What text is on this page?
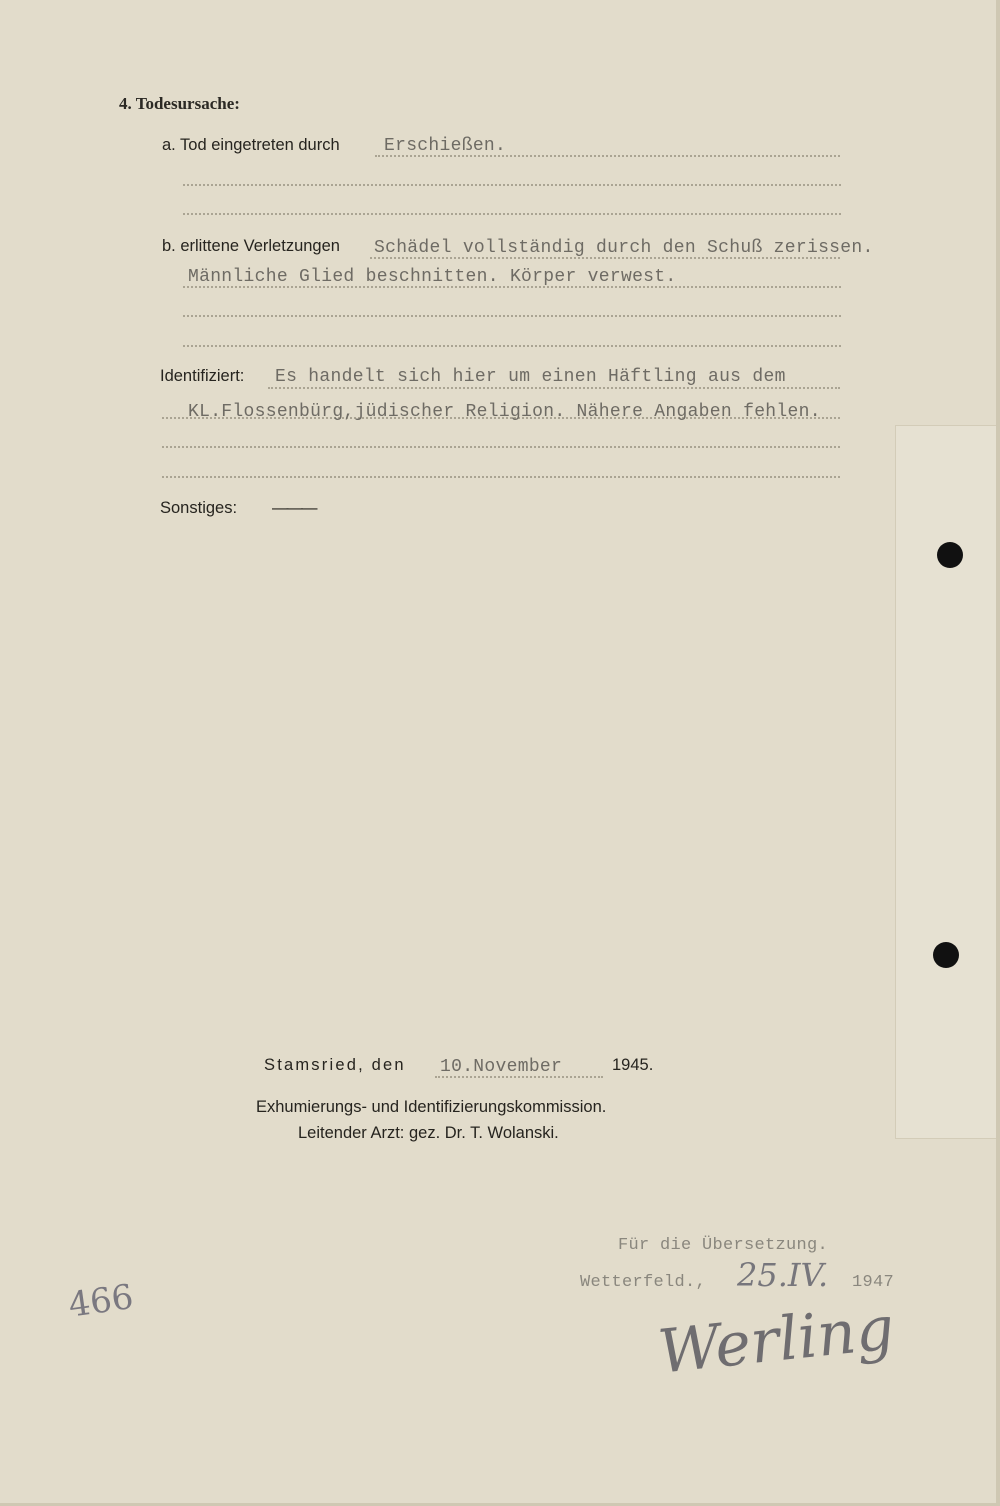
4. Todesursache:
a. Tod eingetreten durch Erschießen.
b. erlittene Verletzungen Schädel vollständig durch den Schuß zerissen.
Männliche Glied beschnitten. Körper verwest.
Identifiziert: Es handelt sich hier um einen Häftling aus dem
KL.Flossenbürg,jüdischer Religion. Nähere Angaben fehlen.
Sonstiges: ———
Stamsried, den 10.November	1945.
Exhumierungs- und Identifizierungskommission.
Leitender Arzt: gez. Dr. T. Wolanski.
Für die Übersetzung.
Wetterfeld., 25.IV. 1947
Werling
466
